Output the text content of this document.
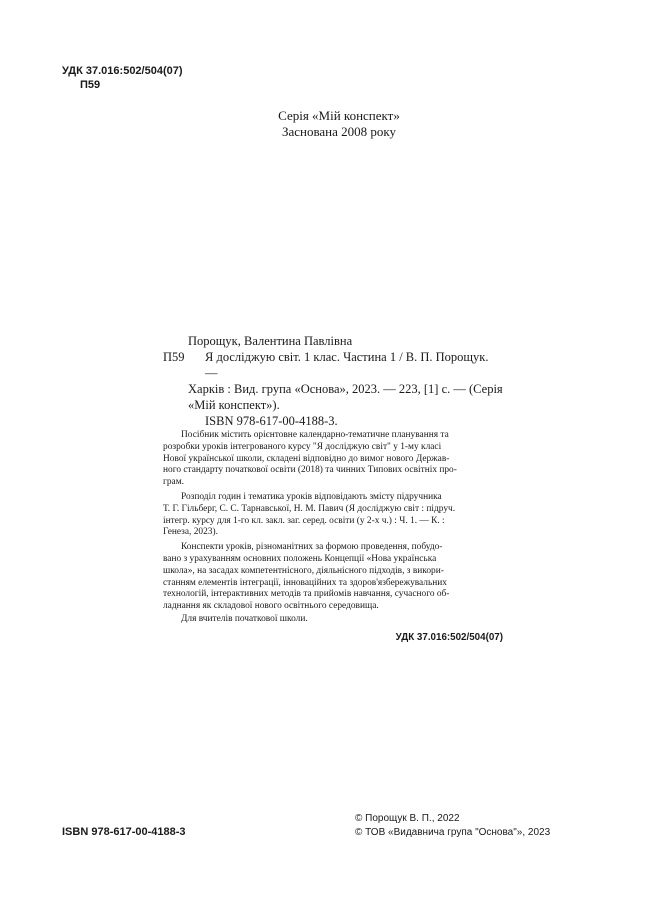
УДК 37.016:502/504(07)
П59
Серія «Мій конспект»
Заснована 2008 року
Порощук, Валентина Павлівна
П59 Я досліджую світ. 1 клас. Частина 1 / В. П. Порощук. —
Харків : Вид. група «Основа», 2023. — 223, [1] с. — (Серія
«Мій конспект»).
ISBN 978-617-00-4188-3.
Посібник містить орієнтовне календарно-тематичне планування та
розробки уроків інтегрованого курсу "Я досліджую світ" у 1-му класі
Нової української школи, складені відповідно до вимог нового Держав-
ного стандарту початкової освіти (2018) та чинних Типових освітніх про-
грам.
Розподіл годин і тематика уроків відповідають змісту підручника
Т. Г. Гільберг, С. С. Тарнавської, Н. М. Павич (Я досліджую світ : підруч.
інтегр. курсу для 1-го кл. закл. заг. серед. освіти (у 2-х ч.) : Ч. 1. — К. :
Генеза, 2023).
Конспекти уроків, різноманітних за формою проведення, побудо-
вано з урахуванням основних положень Концепції «Нова українська
школа», на засадах компетентнісного, діяльнісного підходів, з викори-
станням елементів інтеграції, інноваційних та здоров'язбережувальних
технологій, інтерактивних методів та прийомів навчання, сучасного об-
ладнання як складової нового освітнього середовища.
Для вчителів початкової школи.
УДК 37.016:502/504(07)
ISBN 978-617-00-4188-3
© Порощук В. П., 2022
© ТОВ «Видавнича група "Основа"», 2023
